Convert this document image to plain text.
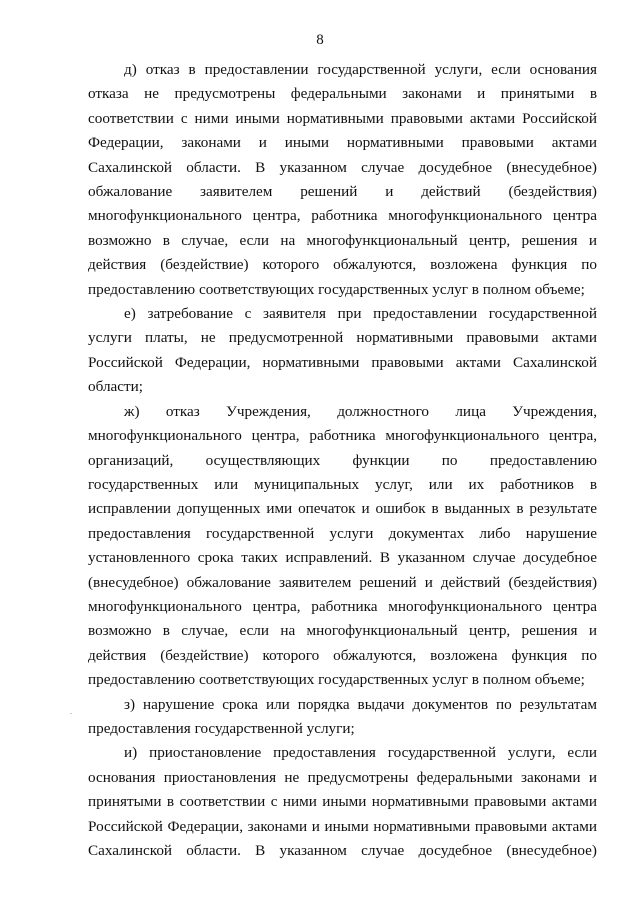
8

д) отказ в предоставлении государственной услуги, если основания отказа не предусмотрены федеральными законами и принятыми в соответствии с ними иными нормативными правовыми актами Российской Федерации, законами и иными нормативными правовыми актами Сахалинской области. В указанном случае досудебное (внесудебное) обжалование заявителем решений и действий (бездействия) многофункционального центра, работника многофункционального центра возможно в случае, если на многофункциональный центр, решения и действия (бездействие) которого обжалуются, возложена функция по предоставлению соответствующих государственных услуг в полном объеме;

е) затребование с заявителя при предоставлении государственной услуги платы, не предусмотренной нормативными правовыми актами Российской Федерации, нормативными правовыми актами Сахалинской области;

ж) отказ Учреждения, должностного лица Учреждения, многофункционального центра, работника многофункционального центра, организаций, осуществляющих функции по предоставлению государственных или муниципальных услуг, или их работников в исправлении допущенных ими опечаток и ошибок в выданных в результате предоставления государственной услуги документах либо нарушение установленного срока таких исправлений. В указанном случае досудебное (внесудебное) обжалование заявителем решений и действий (бездействия) многофункционального центра, работника многофункционального центра возможно в случае, если на многофункциональный центр, решения и действия (бездействие) которого обжалуются, возложена функция по предоставлению соответствующих государственных услуг в полном объеме;

з) нарушение срока или порядка выдачи документов по результатам предоставления государственной услуги;

и) приостановление предоставления государственной услуги, если основания приостановления не предусмотрены федеральными законами и принятыми в соответствии с ними иными нормативными правовыми актами Российской Федерации, законами и иными нормативными правовыми актами Сахалинской области. В указанном случае досудебное (внесудебное)
